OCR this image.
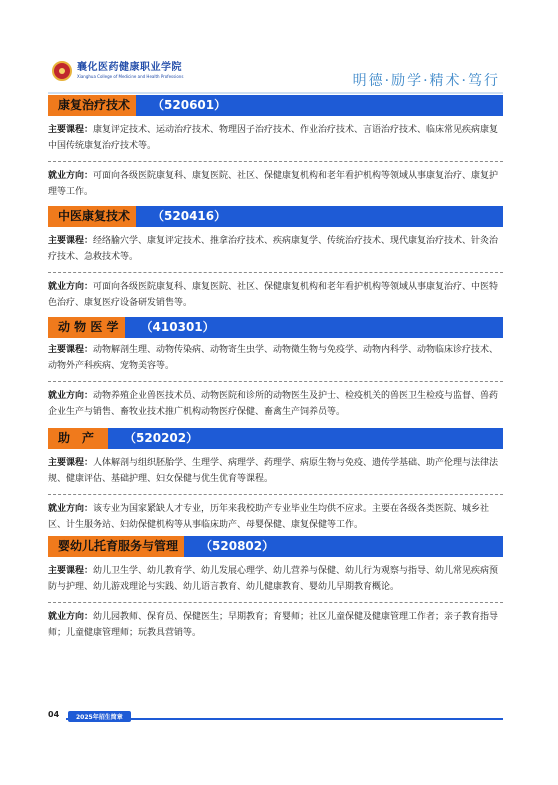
襄化医药健康职业学院
Xianghua College of Medicine and Health Professions	明德·励学·精术·笃行
康复治疗技术	（520601）

主要课程：康复评定技术、运动治疗技术、物理因子治疗技术、作业治疗技术、言语治疗技术、临床常见疾病康复中国传统康复治疗技术等。

就业方向：可面向各级医院康复科、康复医院、社区、保健康复机构和老年看护机构等领域从事康复治疗、康复护理等工作。

中医康复技术	（520416）

主要课程：经络腧穴学、康复评定技术、推拿治疗技术、疾病康复学、传统治疗技术、现代康复治疗技术、针灸治疗技术、急救技术等。

就业方向：可面向各级医院康复科、康复医院、社区、保健康复机构和老年看护机构等领域从事康复治疗、中医特色治疗、康复医疗设备研发销售等。

动 物 医 学	（410301）

主要课程：动物解剖生理、动物传染病、动物寄生虫学、动物微生物与免疫学、动物内科学、动物临床诊疗技术、动物外产科疾病、宠物美容等。

就业方向：动物养殖企业兽医技术员、动物医院和诊所的动物医生及护士、检疫机关的兽医卫生检疫与监督、兽药企业生产与销售、畜牧业技术推广机构动物医疗保健、畜禽生产饲养员等。

助　产	（520202）

主要课程：人体解剖与组织胚胎学、生理学、病理学、药理学、病原生物与免疫、遗传学基础、助产伦理与法律法规、健康评估、基础护理、妇女保健与优生优育等课程。

就业方向：该专业为国家紧缺人才专业，历年来我校助产专业毕业生均供不应求。主要在各级各类医院、城乡社区、计生服务站、妇幼保健机构等从事临床助产、母婴保健、康复保健等工作。

婴幼儿托育服务与管理	（520802）

主要课程：幼儿卫生学、幼儿教育学、幼儿发展心理学、幼儿营养与保健、幼儿行为观察与指导、幼儿常见疾病预防与护理、幼儿游戏理论与实践、幼儿语言教育、幼儿健康教育、婴幼儿早期教育概论。

就业方向：幼儿园教师、保育员、保健医生；早期教育；育婴师；社区儿童保健及健康管理工作者；亲子教育指导师；儿童健康管理师；玩教具营销等。

04	2025年招生简章
